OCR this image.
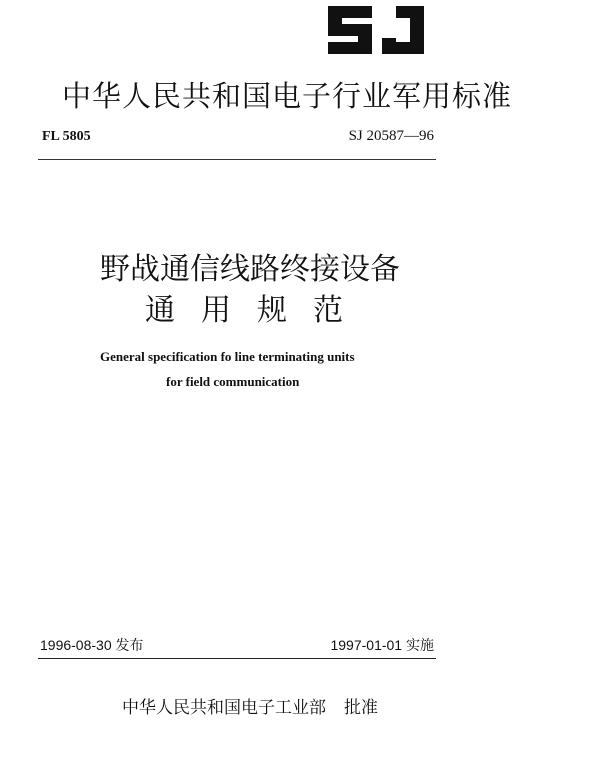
中华人民共和国电子行业军用标准
FL 5805	SJ 20587—96
野战通信线路终接设备
通用规范
General specification fo line terminating units
for field communication
1996-08-30 发布	1997-01-01 实施
中华人民共和国电子工业部 批准
